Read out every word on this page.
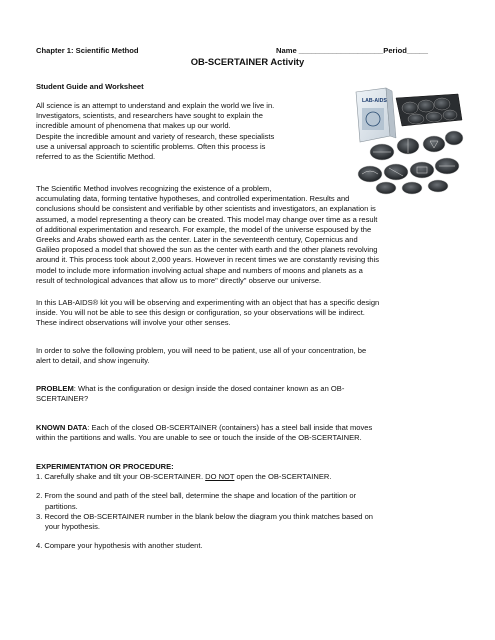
Chapter 1: Scientific Method	Name ____________________Period_____
OB-SCERTAINER Activity
Student Guide and Worksheet
All science is an attempt to understand and explain the world we live in.
Investigators, scientists, and researchers have sought to explain the
incredible amount of phenomena that makes up our world.
Despite the incredible amount and variety of research, these specialists
use a universal approach to scientific problems. Often this process is
referred to as the Scientific Method.
LAB-AIDS
The Scientific Method involves recognizing the existence of a problem,
accumulating data, forming tentative hypotheses, and controlled experimentation. Results and
conclusions should be consistent and verifiable by other scientists and investigators, an explanation is
assumed, a model representing a theory can be created. This model may change over time as a result
of additional experimentation and research. For example, the model of the universe espoused by the
Greeks and Arabs showed earth as the center. Later in the seventeenth century, Copernicus and
Galileo proposed a model that showed the sun as the center with earth and the other planets revolving
around it. This process took about 2,000 years. However in recent times we are constantly revising this
model to include more information involving actual shape and numbers of moons and planets as a
result of technological advances that allow us to more" directly" observe our universe.
In this LAB-AIDS® kit you will be observing and experimenting with an object that has a specific design
inside. You will not be able to see this design or configuration, so your observations will be indirect.
These indirect observations will involve your other senses.
In order to solve the following problem, you will need to be patient, use all of your concentration, be
alert to detail, and show ingenuity.
PROBLEM: What is the configuration or design inside the dosed container known as an OB-
SCERTAINER?
KNOWN DATA: Each of the closed OB-SCERTAINER (containers) has a steel ball inside that moves
within the partitions and walls. You are unable to see or touch the inside of the OB-SCERTAINER.
EXPERIMENTATION OR PROCEDURE:
1. Carefully shake and tilt your OB-SCERTAINER. DO NOT open the OB-SCERTAINER.
2. From the sound and path of the steel ball, determine the shape and location of the partition or
partitions.
3. Record the OB-SCERTAINER number in the blank below the diagram you think matches based on
your hypothesis.
4. Compare your hypothesis with another student.
